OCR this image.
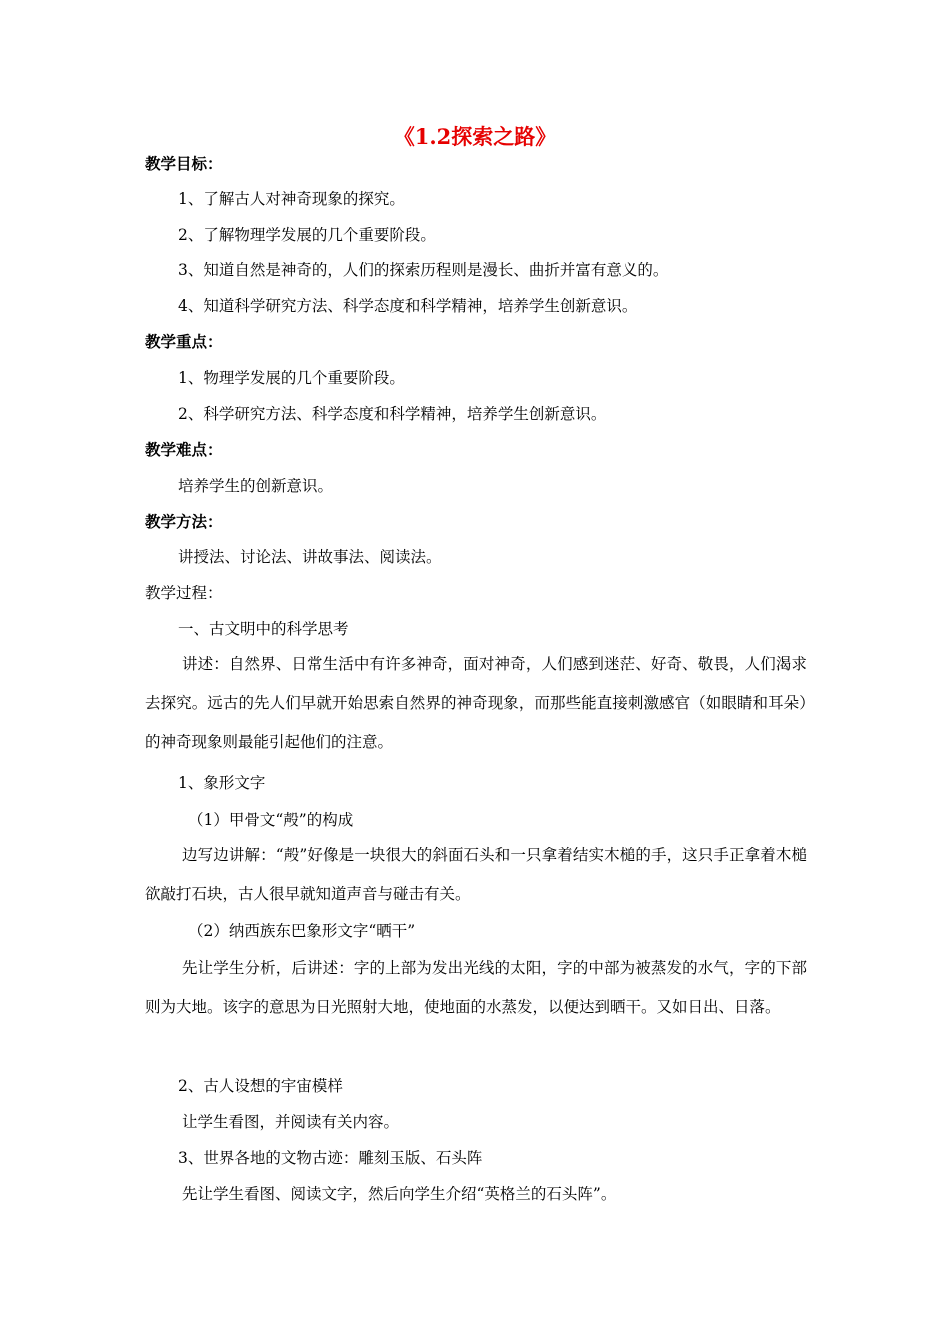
《1.2探索之路》
教学目标：
1、了解古人对神奇现象的探究。
2、了解物理学发展的几个重要阶段。
3、知道自然是神奇的，人们的探索历程则是漫长、曲折并富有意义的。
4、知道科学研究方法、科学态度和科学精神，培养学生创新意识。
教学重点：
1、物理学发展的几个重要阶段。
2、科学研究方法、科学态度和科学精神，培养学生创新意识。
教学难点：
培养学生的创新意识。
教学方法：
讲授法、讨论法、讲故事法、阅读法。
教学过程：
一、古文明中的科学思考
讲述：自然界、日常生活中有许多神奇，面对神奇，人们感到迷茫、好奇、敬畏，人们渴求去探究。远古的先人们早就开始思索自然界的神奇现象，而那些能直接刺激感官（如眼睛和耳朵）的神奇现象则最能引起他们的注意。
1、象形文字
（1）甲骨文“殸”的构成
边写边讲解：“殸”好像是一块很大的斜面石头和一只拿着结实木槌的手，这只手正拿着木槌欲敲打石块，古人很早就知道声音与碰击有关。
（2）纳西族东巴象形文字“晒干”
先让学生分析，后讲述：字的上部为发出光线的太阳，字的中部为被蒸发的水气，字的下部则为大地。该字的意思为日光照射大地，使地面的水蒸发，以便达到晒干。又如日出、日落。
2、古人设想的宇宙模样
让学生看图，并阅读有关内容。
3、世界各地的文物古迹：雕刻玉版、石头阵
先让学生看图、阅读文字，然后向学生介绍“英格兰的石头阵”。
